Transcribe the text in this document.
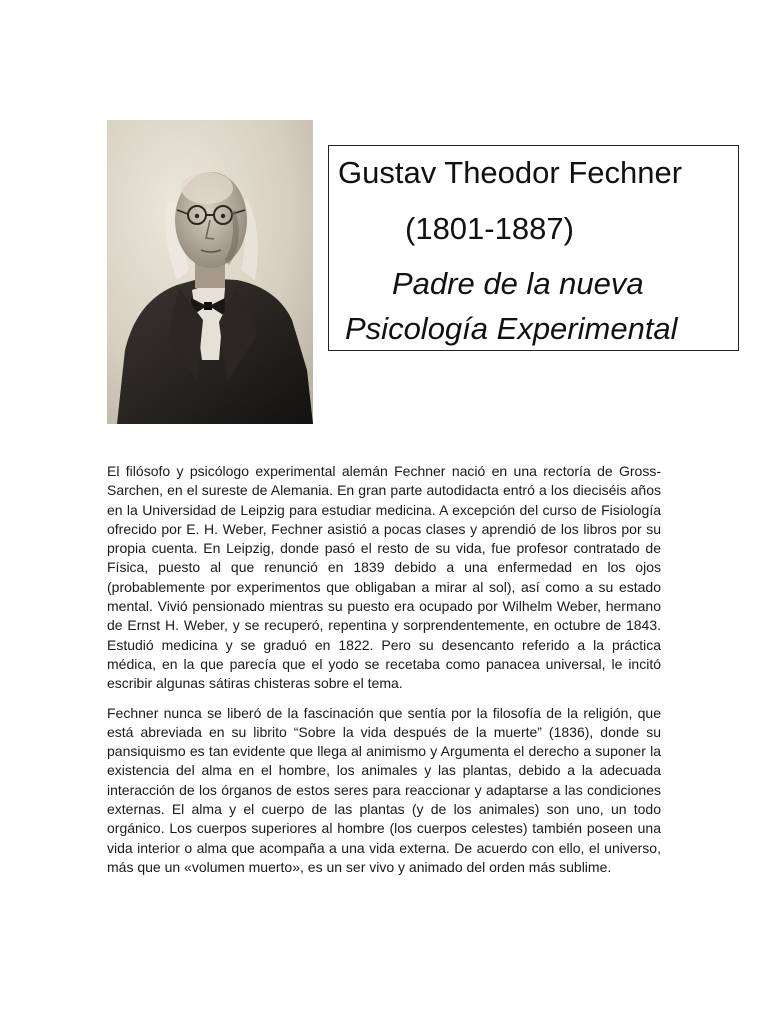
Gustav Theodor Fechner
(1801-1887)
Padre de la nueva
Psicología Experimental

El filósofo y psicólogo experimental alemán Fechner nació en una rectoría de Gross-Sarchen, en el sureste de Alemania. En gran parte autodidacta entró a los dieciséis años en la Universidad de Leipzig para estudiar medicina. A excepción del curso de Fisiología ofrecido por E. H. Weber, Fechner asistió a pocas clases y aprendió de los libros por su propia cuenta. En Leipzig, donde pasó el resto de su vida, fue profesor contratado de Física, puesto al que renunció en 1839 debido a una enfermedad en los ojos (probablemente por experimentos que obligaban a mirar al sol), así como a su estado mental. Vivió pensionado mientras su puesto era ocupado por Wilhelm Weber, hermano de Ernst H. Weber, y se recuperó, repentina y sorprendentemente, en octubre de 1843. Estudió medicina y se graduó en 1822. Pero su desencanto referido a la práctica médica, en la que parecía que el yodo se recetaba como panacea universal, le incitó escribir algunas sátiras chisteras sobre el tema.

Fechner nunca se liberó de la fascinación que sentía por la filosofía de la religión, que está abreviada en su librito “Sobre la vida después de la muerte” (1836), donde su pansiquismo es tan evidente que llega al animismo y Argumenta el derecho a suponer la existencia del alma en el hombre, los animales y las plantas, debido a la adecuada interacción de los órganos de estos seres para reaccionar y adaptarse a las condiciones externas. El alma y el cuerpo de las plantas (y de los animales) son uno, un todo orgánico. Los cuerpos superiores al hombre (los cuerpos celestes) también poseen una vida interior o alma que acompaña a una vida externa. De acuerdo con ello, el universo, más que un «volumen muerto», es un ser vivo y animado del orden más sublime.
